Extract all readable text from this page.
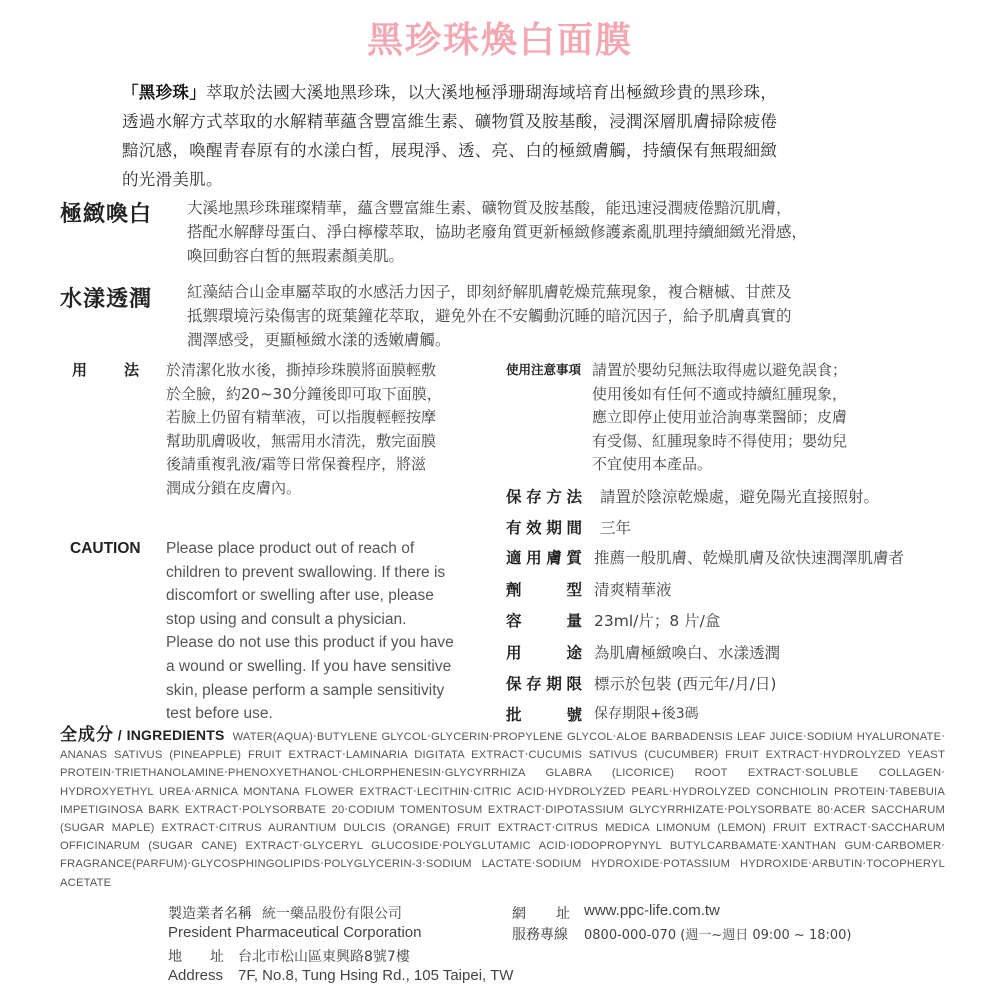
黑珍珠煥白面膜
「黑珍珠」萃取於法國大溪地黑珍珠，以大溪地極淨珊瑚海域培育出極緻珍貴的黑珍珠，
透過水解方式萃取的水解精華蘊含豐富維生素、礦物質及胺基酸，浸潤深層肌膚掃除疲倦
黯沉感，喚醒青春原有的水漾白皙，展現淨、透、亮、白的極緻膚觸，持續保有無瑕細緻
的光滑美肌。
極緻喚白 大溪地黑珍珠璀璨精華，蘊含豐富維生素、礦物質及胺基酸，能迅速浸潤疲倦黯沉肌膚，
搭配水解酵母蛋白、淨白檸檬萃取，協助老廢角質更新極緻修護紊亂肌理持續細緻光滑感，
喚回動容白皙的無瑕素顏美肌。
水漾透潤 紅藻結合山金車屬萃取的水感活力因子，即刻紓解肌膚乾燥荒蕪現象，複合糖槭、甘蔗及
抵禦環境污染傷害的斑葉鐘花萃取，避免外在不安觸動沉睡的暗沉因子，給予肌膚真實的
潤澤感受，更顯極緻水漾的透嫩膚觸。
用 法 於清潔化妝水後，撕掉珍珠膜將面膜輕敷
於全臉，約20~30分鐘後即可取下面膜，
若臉上仍留有精華液，可以指腹輕輕按摩
幫助肌膚吸收，無需用水清洗，敷完面膜
後請重複乳液/霜等日常保養程序，將滋
潤成分鎖在皮膚內。
CAUTION Please place product out of reach of
children to prevent swallowing. If there is
discomfort or swelling after use, please
stop using and consult a physician.
Please do not use this product if you have
a wound or swelling. If you have sensitive
skin, please perform a sample sensitivity
test before use.
使用注意事項 請置於嬰幼兒無法取得處以避免誤食；
使用後如有任何不適或持續紅腫現象，
應立即停止使用並洽詢專業醫師；皮膚
有受傷、紅腫現象時不得使用；嬰幼兒
不宜使用本產品。
保存方法 請置於陰涼乾燥處，避免陽光直接照射。
有效期間 三年
適用膚質 推薦一般肌膚、乾燥肌膚及欲快速潤澤肌膚者
劑型 清爽精華液
容量 23ml/片；8 片/盒
用途 為肌膚極緻喚白、水漾透潤
保存期限 標示於包裝 (西元年/月/日)
批號 保存期限+後3碼
全成分 / INGREDIENTS WATER(AQUA)‧BUTYLENE GLYCOL‧GLYCERIN‧PROPYLENE GLYCOL‧ALOE BARBADENSIS LEAF JUICE‧SODIUM HYALURONATE‧ANANAS SATIVUS (PINEAPPLE) FRUIT EXTRACT‧LAMINARIA DIGITATA EXTRACT‧CUCUMIS SATIVUS (CUCUMBER) FRUIT EXTRACT‧HYDROLYZED YEAST PROTEIN‧TRIETHANOLAMINE‧PHENOXYETHANOL‧CHLORPHENESIN‧GLYCYRRHIZA GLABRA (LICORICE) ROOT EXTRACT‧SOLUBLE COLLAGEN‧HYDROXYETHYL UREA‧ARNICA MONTANA FLOWER EXTRACT‧LECITHIN‧CITRIC ACID‧HYDROLYZED PEARL‧HYDROLYZED CONCHIOLIN PROTEIN‧TABEBUIA IMPETIGINOSA BARK EXTRACT‧POLYSORBATE 20‧CODIUM TOMENTOSUM EXTRACT‧DIPOTASSIUM GLYCYRRHIZATE‧POLYSORBATE 80‧ACER SACCHARUM (SUGAR MAPLE) EXTRACT‧CITRUS AURANTIUM DULCIS (ORANGE) FRUIT EXTRACT‧CITRUS MEDICA LIMONUM (LEMON) FRUIT EXTRACT‧SACCHARUM OFFICINARUM (SUGAR CANE) EXTRACT‧GLYCERYL GLUCOSIDE‧POLYGLUTAMIC ACID‧IODOPROPYNYL BUTYLCARBAMATE‧XANTHAN GUM‧CARBOMER‧FRAGRANCE(PARFUM)‧GLYCOSPHINGOLIPIDS‧POLYGLYCERIN-3‧SODIUM LACTATE‧SODIUM HYDROXIDE‧POTASSIUM HYDROXIDE‧ARBUTIN‧TOCOPHERYL ACETATE
製造業者名稱 統一藥品股份有限公司
President Pharmaceutical Corporation
地 址 台北市松山區東興路8號7樓
Address 7F, No.8, Tung Hsing Rd., 105 Taipei, TW
網 址 www.ppc-life.com.tw
服務專線 0800-000-070 (週一~週日 09:00 ~ 18:00)
